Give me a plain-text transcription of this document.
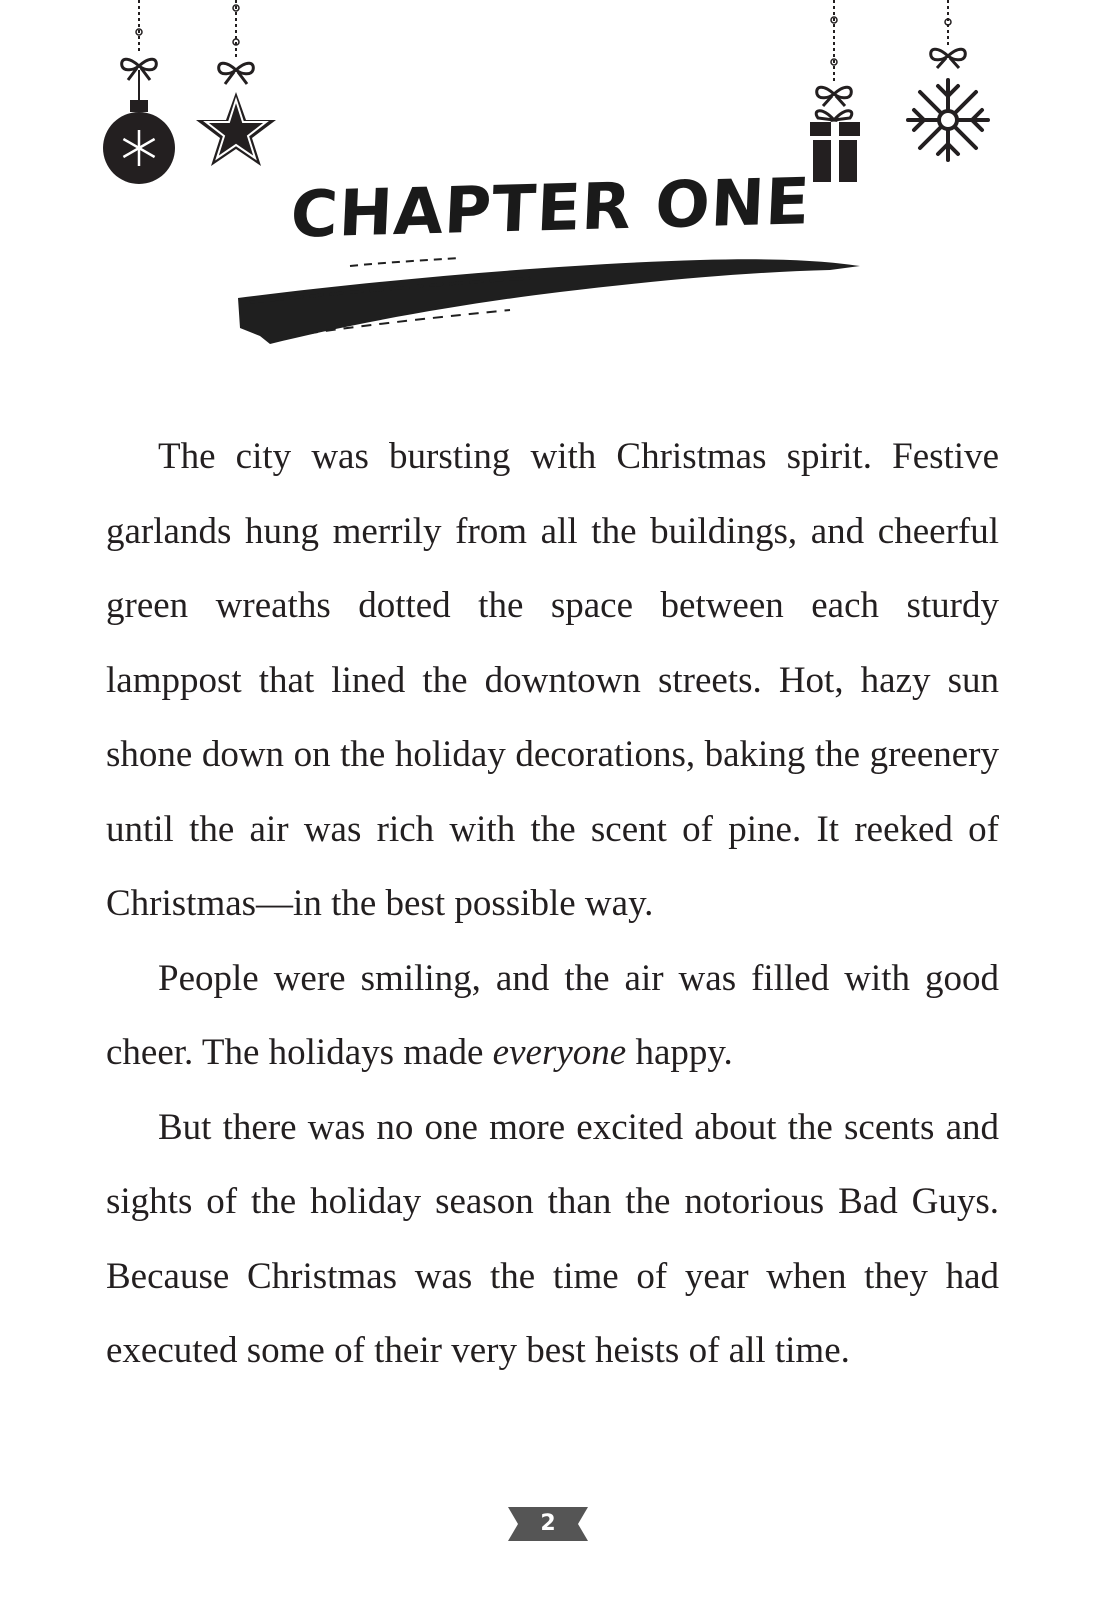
CHAPTER ONE

The city was bursting with Christmas spirit. Festive garlands hung merrily from all the buildings, and cheerful green wreaths dotted the space between each sturdy lamppost that lined the downtown streets. Hot, hazy sun shone down on the holiday decorations, baking the greenery until the air was rich with the scent of pine. It reeked of Christmas—in the best possible way.

People were smiling, and the air was filled with good cheer. The holidays made everyone happy.

But there was no one more excited about the scents and sights of the holiday season than the notorious Bad Guys. Because Christmas was the time of year when they had executed some of their very best heists of all time.

2
